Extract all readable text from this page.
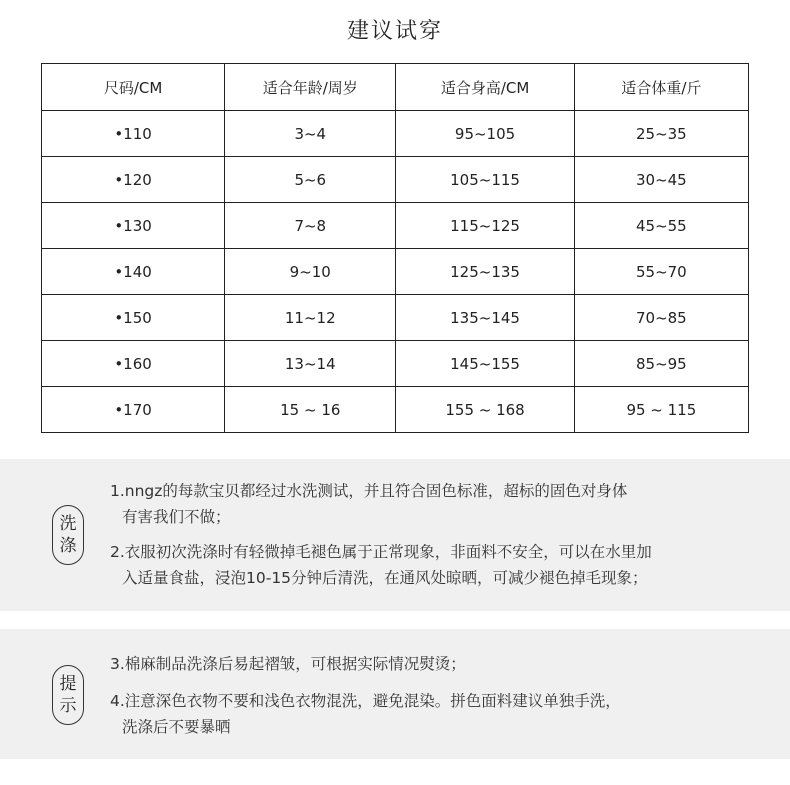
建议试穿
尺码/CM	适合年龄/周岁	适合身高/CM	适合体重/斤
•110	3~4	95~105	25~35
•120	5~6	105~115	30~45
•130	7~8	115~125	45~55
•140	9~10	125~135	55~70
•150	11~12	135~145	70~85
•160	13~14	145~155	85~95
•170	15 ~ 16	155 ~ 168	95 ~ 115
洗
涤
1.nngz的每款宝贝都经过水洗测试，并且符合固色标准，超标的固色对身体
有害我们不做；
2.衣服初次洗涤时有轻微掉毛褪色属于正常现象，非面料不安全，可以在水里加
入适量食盐，浸泡10-15分钟后清洗，在通风处晾晒，可减少褪色掉毛现象；
提
示
3.棉麻制品洗涤后易起褶皱，可根据实际情况熨烫；
4.注意深色衣物不要和浅色衣物混洗，避免混染。拼色面料建议单独手洗，
洗涤后不要暴晒
